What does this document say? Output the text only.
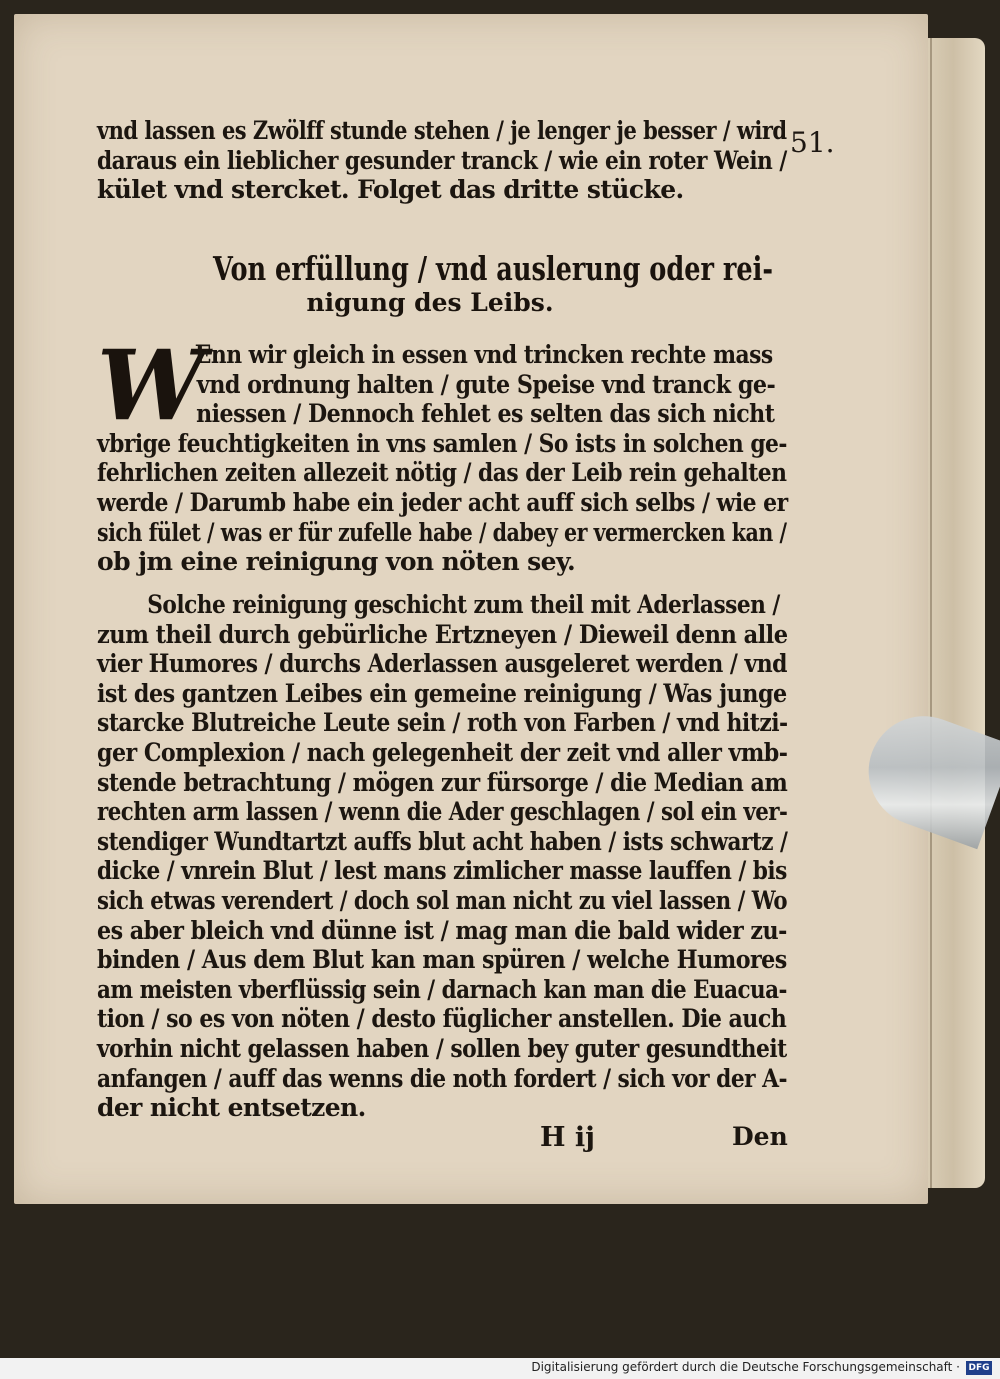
51.
vnd lassen es Zwölff stunde stehen / je lenger je besser / wird
daraus ein lieblicher gesunder tranck / wie ein roter Wein /
kület vnd stercket. Folget das dritte stücke.
Von erfüllung / vnd auslerung oder rei-
nigung des Leibs.
W
Enn wir gleich in essen vnd trincken rechte mass
vnd ordnung halten / gute Speise vnd tranck ge-
niessen / Dennoch fehlet es selten das sich nicht
vbrige feuchtigkeiten in vns samlen / So ists in solchen ge-
fehrlichen zeiten allezeit nötig / das der Leib rein gehalten
werde / Darumb habe ein jeder acht auff sich selbs / wie er
sich fület / was er für zufelle habe / dabey er vermercken kan /
ob jm eine reinigung von nöten sey.
Solche reinigung geschicht zum theil mit Aderlassen /
zum theil durch gebürliche Ertzneyen / Dieweil denn alle
vier Humores / durchs Aderlassen ausgeleret werden / vnd
ist des gantzen Leibes ein gemeine reinigung / Was junge
starcke Blutreiche Leute sein / roth von Farben / vnd hitzi-
ger Complexion / nach gelegenheit der zeit vnd aller vmb-
stende betrachtung / mögen zur fürsorge / die Median am
rechten arm lassen / wenn die Ader geschlagen / sol ein ver-
stendiger Wundtartzt auffs blut acht haben / ists schwartz /
dicke / vnrein Blut / lest mans zimlicher masse lauffen / bis
sich etwas verendert / doch sol man nicht zu viel lassen / Wo
es aber bleich vnd dünne ist / mag man die bald wider zu-
binden / Aus dem Blut kan man spüren / welche Humores
am meisten vberflüssig sein / darnach kan man die Euacua-
tion / so es von nöten / desto füglicher anstellen. Die auch
vorhin nicht gelassen haben / sollen bey guter gesundtheit
anfangen / auff das wenns die noth fordert / sich vor der A-
der nicht entsetzen.
H ij	Den
Digitalisierung gefördert durch die Deutsche Forschungsgemeinschaft · DFG
